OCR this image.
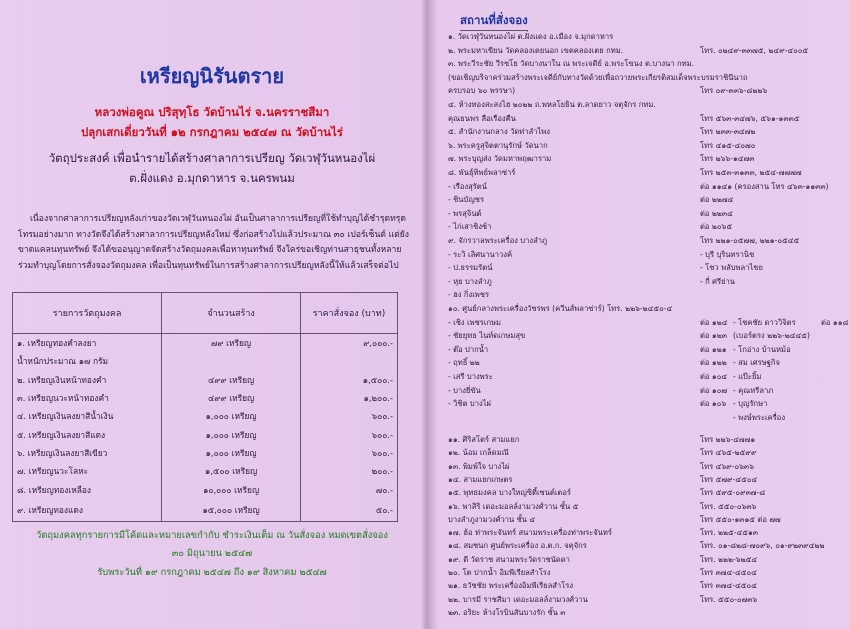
เหรียญนิรันตราย
หลวงพ่อคูณ ปริสุทฺโธ วัดบ้านไร่ จ.นครราชสีมา
ปลุกเสกเดี่ยววันที่ ๑๒ กรกฎาคม ๒๕๔๗ ณ วัดบ้านไร่
วัตถุประสงค์ เพื่อนำรายได้สร้างศาลาการเปรียญ วัดเวฬุวันหนองไผ่
ต.ฝั่งแดง อ.มุกดาหาร จ.นครพนม
เนื่องจากศาลาการเปรียญหลังเก่าของวัดเวฬุวันหนองไผ่ อันเป็นศาลาการเปรียญที่ใช้ทำบุญได้ชำรุดทรุดโทรมอย่างมาก ทางวัดจึงได้สร้างศาลาการเปรียญหลังใหม่ ซึ่งก่อสร้างไปแล้วประมาณ ๓๐ เปอร์เซ็นต์ แต่ยังขาดแคลนทุนทรัพย์ จึงได้ขออนุญาตจัดสร้างวัตถุมงคลเพื่อหาทุนทรัพย์ จึงใคร่ขอเชิญท่านสาธุชนทั้งหลายร่วมทำบุญโดยการสั่งจองวัตถุมงคล เพื่อเป็นทุนทรัพย์ในการสร้างศาลาการเปรียญหลังนี้ให้แล้วเสร็จต่อไป
รายการวัตถุมงคล	จำนวนสร้าง	ราคาสั่งจอง (บาท)
๑. เหรียญทองคำลงยา	๗๙ เหรียญ	๙,๐๐๐.-
น้ำหนักประมาณ ๑๗ กรัม		
๒. เหรียญเงินหน้าทองคำ	๔๙๙ เหรียญ	๑,๕๐๐.-
๓. เหรียญนวะหน้าทองคำ	๔๙๙ เหรียญ	๑,๒๐๐.-
๔. เหรียญเงินลงยาสีน้ำเงิน	๑,๐๐๐ เหรียญ	๖๐๐.-
๕. เหรียญเงินลงยาสีแดง	๑,๐๐๐ เหรียญ	๖๐๐.-
๖. เหรียญเงินลงยาสีเขียว	๑,๐๐๐ เหรียญ	๖๐๐.-
๗. เหรียญนวะโลหะ	๑,๕๐๐ เหรียญ	๒๐๐.-
๘. เหรียญทองเหลือง	๑๐,๐๐๐ เหรียญ	๗๐.-
๙. เหรียญทองแดง	๑๕,๐๐๐ เหรียญ	๕๐.-
วัตถุมงคลทุกรายการมีโค้ดและหมายเลขกำกับ ชำระเงินเต็ม ณ วันสั่งจอง หมดเขตสั่งจอง
๓๐ มิถุนายน ๒๕๔๗
รับพระวันที่ ๑๙ กรกฎาคม ๒๕๔๗ ถึง ๑๙ สิงหาคม ๒๕๔๗
สถานที่สั่งจอง
๑. วัดเวฬุวันหนองไผ่ ต.ฝั่งแดง อ.เมือง จ.มุกดาหาร
๒. พระมหาเขียน วัดคลองเตยนอก เขตคลองเตย กทม.	โทร. ๐๒๔๙-๓๓๗๕, ๒๔๙-๔๐๐๕
๓. พระวีระชัย วีรชโย วัดบางนาใน ณ พระเจดีย์ อ.พระโขนง ต.บางนา กทม.
(ขอเชิญบริจาคร่วมสร้างพระเจดีย์กับทางวัดด้วยเพื่อถวายพระเกียรติสมเด็จพระบรมราชินีนาถ
ครบรอบ ๖๐ พรรษา)	โทร ๐๙-๓๓๖-๘๒๒๖
๔. ห้างทองสะสงไฮ ๒๐๒๒ ถ.พหลโยธิน ต.ลาดยาว จตุจักร กทม.
คุณธนพร ลือเรืองคืน	โทร ๕๖๓-๓๔๗๖, ๕๖๑-๑๓๓๕
๕. สำนักงานกลาง วัดท่าลำไพง	โทร ๒๓๓-๓๔๗๒
๖. พระครูสุจิตตานุรักษ์ วัดนาก	โทร ๔๑๕-๔๐๗๐
๗. พระบุญส่ง วัดมหาพฤฒาราม	โทร ๒๖๖-๑๔๗๓
๘. พันธุ์ทิพย์พลาซ่าร์	โทร ๒๕๓-๓๑๓๓, ๒๕๔-๗๗๗๗
- เรืองสุรัตน์	ต่อ ๑๑๔๑ (ครองสาน โทร ๔๖๓-๑๑๓๓)
- ชินบัญชร	ต่อ ๒๒๗๔
- พรสุจินต์	ต่อ ๒๒๓๔
- ไก่เสาชิงช้า	ต่อ ๒๐๖๕
๙. จักรวาลพระเครื่อง บางลำภู	โทร ๒๒๑-๐๕๗๗, ๒๒๑-๐๕๔๕
- ระวิ เลิศนานาวงค์	- บุรี บุรินทรานิช
- ป.ธรรมรัตน์	- โชว พลับพลาไชย
- หุย บางลำภู	- กี่ ศรีย่าน
- ฮง กิ่งเพชร
๑๐. ศูนย์กลางพระเครื่องวัชรพร (ควีนส์พลาซ่าร์) โทร. ๒๒๖-๒๔๕๐-๔
- เชิง เพชรเกษม	ต่อ ๑๒๔ - โชคชัย ดาววิจิตร	ต่อ ๑๑๘
- ชัยยุทธ ไนท์ดเกษมสุข	ต่อ ๑๒๓ (เบอร์ตรง ๒๒๖-๒๔๔๕)
- ต๊อ ปากน้ำ	ต่อ ๑๒๑ - โกอ่าง บ้านหม้อ
- ฤทธิ์ ๒๒	ต่อ ๑๒๒ - สม เศรษฐกิจ
- เสรี บางพระ	ต่อ ๑๐๔ - แป๊ะยิ้ม
- บางยี่ขัน	ต่อ ๑๐๗ - คุณหรีลาภ
- วิชิต บางไผ่	ต่อ ๑๐๖ - บุญรักษา
- พงษ์พระเครื่อง
๑๑. ศิริสโตร์ สามแยก	โทร ๒๒๖-๔๗๗๑
๑๒. น้อม เกล็ดมณี	โทร ๔๖๕-๒๕๙๙
๑๓. พิมพ์ใจ บางไผ่	โทร ๔๖๙-๐๖๓๖
๑๔. สามแยกเกษตร	โทร ๕๗๙-๔๕๐๔
๑๕. พุทธมงคล บางใหญ่ซิตี้เซนต์เตอร์	โทร ๕๙๕-๐๙๓๗-๘
๑๖. พาสิริ เดอะมอลล์งามวงศ์วาน ชั้น ๕	โทร. ๕๕๐-๐๖๓๖
บางลำภูงามวงศ์วาน ชั้น ๔	โทร ๕๕๐-๑๓๑๕ ต่อ ๗๗
๑๗. ฮ้อ ท่าพระจันทร์ สนามพระเครื่องท่าพระจันทร์	โทร. ๒๒๕-๔๕๑๓
๑๘. สมชนก ศูนย์พระเครื่อง อ.ต.ก. จตุจักร	โทร. ๐๑-๘๒๘-๗๐๙๖, ๐๑-๙๒๓๙๔๒๒
๑๙. ดี วัดราช สนามพระวัดราชนัดดา	โทร. ๒๒๒-๖๒๕๔
๒๐. โต ปากน้ำ อิมพีเรียลสำโรง	โทร ๓๗๔-๔๕๐๔
๒๑. ธวัชชัย พระเครื่องอิมพีเรียลสำโรง	โทร ๓๗๔-๔๕๐๔
๒๒. บารมี ราชสีมา เดอะมอลล์งามวงศ์วาน	โทร. ๕๕๐-๐๗๓๖
๒๓. อริยะ ห้างโรบินสันบางรัก ชั้น ๓
